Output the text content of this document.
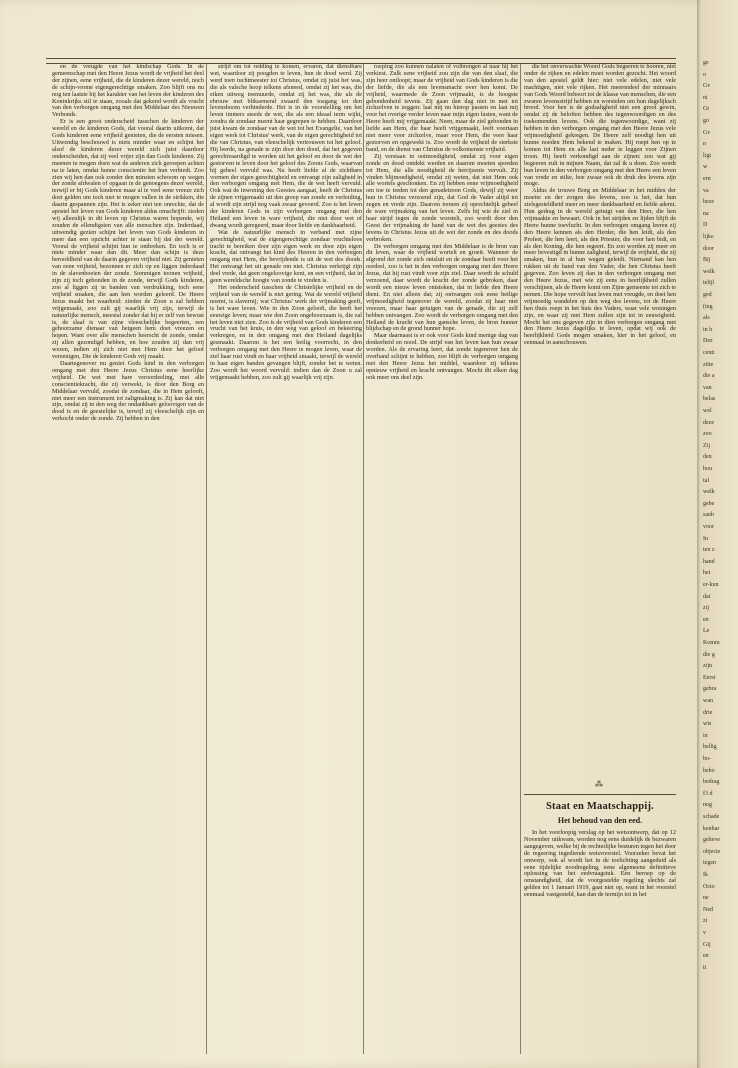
en de vreugde van het kindschap Gods. In de gemeenschap met den Heere Jezus wordt de vrijheid het deel der zijnen, eene vrijheid, die de kinderen dezer wereld, noch de schijn-vrome eigengerechtige smaken. Zoo blijft ons nu nog ten laatste bij het karakter van het leven der kinderen des Koninkrijks stil te staan, zooals dat gekend wordt als vrucht van den verborgen omgang met den Middelaar des Nieuwen Verbonds.

Er is een groot onderscheid tusschen de kinderen der wereld en de kinderen Gods, dat vooral daarin uitkomt, dat Gods kinderen eene vrijheid genieten, die de eersten missen. Uitwendig beschouwd is niets minder waar en schijnt het alsof de kinderen dezer wereld zich juist daardoor onderscheiden, dat zij veel vrijer zijn dan Gods kinderen. Zij meenen te mogen doen wat de anderen zich geroepen achten na te laten, omdat hunne conscientie het hun verbiedt. Zoo zien wij hen dan ook zonder den minsten schroom op wegen der zonde afdwalen of opgaan in de genoegens dezer wereld, terwijl er bij Gods kinderen maar al te veel eene vreeze zich doet gelden om toch niet te mogen vallen in de strikken, die daarin gespannen zijn. Het is zeker niet ten onrechte, dat de apostel het leven van Gods kinderen aldus omschrijft: zieden wij alleenlijk in dit leven op Christus waren hopende, wij zouden de ellendigsten van alle menschen zijn. Inderdaad, uitwendig gezien schijnt het leven van Gods kinderen in meer dan een opzicht achter te staan bij dat der wereld. Vooral de vrijheid schijnt hun te ontbreken. En toch is er niets minder waar dan dit. Meer dan schijn is deze beroofdheid van de daarin gegeven vrijheid niet. Zij genieten van eene vrijheid, bezonnen er zich op en liggen inderdaad in de slavenboeien der zonde. Sommigen toonen vrijheid, zijn zij toch gebonden in de zonde, terwijl Gods kinderen, zoo al liggen zij in banden van verdrukking, toch eene vrijheid smaken, die aan hen worden geleerd. De Heere Jezus maakt het waarheid: zinden de Zoon u zal hebben vrijgemaakt, zoo zult gij waarlijk vrij zijn, terwijl de natuurlijke mensch, meestal zonder dat hij er zelf van bewust is, de slaaf is van zijne vleeschelijke begeerten, een gehoorzame dienaar van hetgeen hem doet vreezen en hopen. Want over alle menschen heerscht de zonde, omdat zij allen gezondigd hebben, en hoe zouden zij dan vrij wezen, indien zij zich niet met Hem door het geloof vereenigen, Die de kinderen Gods vrij maakt.

Daartegenover nu geniet Gods kind in den verborgen omgang met den Heere Jezus Christus eene heerlijke vrijheid. De wet met hare veroordeeling, met alle conscientiekracht, die zij verwekt, is door den Borg en Middelaar vervuld, zoodat de zondaar, die in Hem gelooft, niet meer een instrument tot zaligmaking is. Zij kan dat niet zijn, omdat zij in den weg der ondankbare geloovigen van de dood is en de geestelijke is, terwijl zij vleeschelijk zijn en verkocht onder de zonde. Zij hebben in den

strijd om tot redding te komen, ervaren, dat dienstbare wet, waardoor zij poogden te leven, hun de dood werd. Zij werd toen tuchtmeester tot Christus, omdat zij juist het was, die als valsche hoop telkens afsneed, omdat zij het was, die eiken uitweg toemuurde, omdat zij het was, die als de ebrouw met bliksemend zwaard den toegang tot den levensboom verhinderde. Het is in de voorstelling om het leven immers steeds de wet, die als een ideaal term wijkt, zoodra de zondaar meent haar gegrepen te hebben. Daardoor juist kwam de zondaar van de wet tot het Evangelie, van het eigen werk tot Christus' werk, van de eigen gerechtigheid tot die van Christus, van vleeschelijk vertrouwen tot het geloof. Hij leerde, na genade te zijn door den dood, dat het gegeven gerechtvaardigd te worden uit het geloof en door de wet der gestorven te leven door het geloof des Zoons Gods, waarvan hij geheel vervuld was. Nu heeft liefde al de zichtbare vormen der eigen gerechtigheid en ontvangt zijn zaligheid in den verborgen omgang met Hem, die de wet heeft vervuld. Ook wat de inwoning des Geestes aangaat, heeft de Christus de zijnen vrijgemaakt uit den greep van zonde en verleiding, al wordt zijn strijd nog vaak zwaar gevoerd. Zoo is het leven der kinderen Gods in zijn verborgen omgang met den Heiland een leven in ware vrijheid, die niet door wet of dwang wordt geregeerd, maar door liefde en dankbaarheid.

Wat de natuurlijke mensch in verband met zijne gerechtigheid, wat de eigengerechtige zondaar vruchteloos tracht te bereiken door zijn eigen werk en door zijn eigen kracht, dat ontvangt het kind des Heeren in den verborgen omgang met Hem, die bevrijdende is uit de wet des doods. Het ontvangt het uit genade om niet. Christus verkrijgt zijn deel vrede, dat geen ongeloovige kent, en een vrijheid, dat in geen wereldsche hoogte van zonde te vinden is.

Het onderscheid tusschen de Christelijke vrijheid en de vrijheid van de wereld is niet gering. Wat de wereld vrijheid noemt, is slavernij; wat Christus' werk der vrijmaking geeft, is het ware leven. Wie in den Zoon gelooft, die heeft het eeuwige leven; maar wie den Zoon ongehoorzaam is, die zal het leven niet zien. Zoo is de vrijheid van Gods kinderen een vrucht van het kruis, in den weg van geloof en bekeering verkregen, en in den omgang met den Heiland dagelijks gesmaakt. Daarom is het een heilig voorrecht, in den verborgen omgang met den Heere te mogen leven, waar de ziel haar rust vindt en haar vrijheid smaakt, terwijl de wereld in haar eigen banden gevangen blijft, zonder het te weten. Zoo wordt het woord vervuld: indien dan de Zoon u zal vrijgemaakt hebben, zoo zult gij waarlijk vrij zijn.

roeping zoo kunnen nalaten of volbrengen al naar hij het verkiest. Zulk eene vrijheid zou zijn die van den slaaf, die zijn heer ontloopt; maar de vrijheid van Gods kinderen is die der liefde, die als een levensmacht over hen komt. De vrijheid, waarmede de Zoon vrijmaakt, is de hoogste gebondenheid tevens. Zij gaan dan dag niet in met tot zichzelven te zeggen: laat mij nu hierop passen en laat mij voor het overige verder leven naar mijn eigen lusten, want de Heere heeft mij vrijgemaakt. Neen, maar de ziel gebonden in liefde aan Hem, die haar heeft vrijgemaakt, leeft voortaan niet meer voor zichzelve, maar voor Hem, die voor haar gestorven en opgewekt is. Zoo wordt de vrijheid de sterkste band, en de dienst van Christus de volkomenste vrijheid.

Zij verstaan in ootmoedigheid, omdat zij voor eigen zonde en dood ontdekt werden en daarom moeten spoeden tot Hem, die alle noodigheid de herrijzenis vervult. Zij vinden blijmoedigheid, omdat zij weten, dat niet Hem ook alle wortels geschonken. En zij hebben eene vrijmoedigheid om toe te treden tot den genadetroon Gods, dewijl zij weer hun in Christus verzoend zijn, dat God de Vader altijd tot zegen en vrede zijn. Daarom toonen zij oprechtelijk geheel de ware vrijmaking van het leven. Zelfs bij wie de ziel in haar strijd tegen de zonde worstelt, zoo wordt door den Geest der vrijmaking de band van de wet des geestes des levens in Christus Jezus uit de wet der zonde en des doods verbroken.

De verborgen omgang met den Middelaar is de bron van dit leven, waar de vrijheid wortelt en groeit. Wanneer de afgrond der zonde zich ontsluit en de zondaar beeft voor het oordeel, zoo is het in den verborgen omgang met den Heere Jezus, dat hij rust vindt voor zijn ziel. Daar wordt de schuld verzoend, daar wordt de kracht der zonde gebroken, daar wordt een nieuw leven ontstoken, dat in liefde den Heere dient. En niet alleen dat; zij ontvangen ook eene heilige vrijmoedigheid tegenover de wereld, zoodat zij haar niet vreezen, maar haar getuigen van de genade, die zij zelf hebben ontvangen. Zoo wordt de verborgen omgang met den Heiland de kracht van hun gansche leven, de bron hunner blijdschap en de grond hunner hope.

Maar daarnaast is er ook voor Gods kind menige dag van donkerheid en nood. De strijd van het leven kan hun zwaar worden. Als de ervaring leert, dat zonde tegenover hen de overhand schijnt te hebben, zoo blijft de verborgen omgang met den Heere Jezus het middel, waardoor zij telkens opnieuw vrijheid en kracht ontvangen. Mocht dit elken dag ook meer ons deel zijn.

die het onverwachte Woord Gods begeeren te hooren, niet onder de rijken en edelen moet worden gezocht. Het woord van den apostel geldt hier: niet vele edelen, niet vele machtigen, niet vele rijken. Het meerendeel der minnaars van Gods Woord behoort tot de klasse van menschen, die een zwaren levensstrijd hebben en worstelen om hun dagelijksch brood. Voor hen is de godsaligheid niet een groot gewin, omdat zij de beloften hebben des tegenwoordigen en des toekomenden levens. Ook die tegenwoordige, want zij hebben in den verborgen omgang met den Heere Jezus vele vrijmoedigheid gekregen. De Heere zelf noodigt hen uit hunne noeden Hem bekend te maken. Hij roept hen op te komen tot Hem en alle last neder te leggen voor Zijnen troon. Hij heeft verkondigd aan de zijnen: zoo wat gij begeeren zult in mijnen Naam, dat zal ik u doen. Zoo wordt hun leven in den verborgen omgang met den Heere een leven van vrede en stilte, hoe zwaar ook de druk des levens zijn moge.

Aldus de trouwe Borg en Middelaar in het midden der moeite en der zorgen des levens, zoo is het, dat hun zielsgesteldheid meer en meer dankbaarheid en liefde ademt. Hun gedrag in de wereld getuigt van den Heer, die hen vrijmaakte en bewaart. Ook in het strijden en lijden blijft de Heere hunne toevlucht. In den verborgen omgang leeren zij den Heere kennen als den Herder, die hen leidt, als den Profeet, die hen leert, als den Priester, die voor hen bidt, en als den Koning, die hen regeert. En zoo worden zij meer en meer bevestigd in hunne zaligheid, terwijl de vrijheid, die zij smaken, hun in al hun wegen geleidt. Niemand kan hen rukken uit de hand van den Vader, die hen Christus heeft gegeven. Zoo leven zij dan in den verborgen omgang met den Heere Jezus, met wie zij eens in heerlijkheid zullen verschijnen, als de Heere komt om Zijne gemeente tot zich te nemen. Die hope vervult hun leven met vreugde, en doet hen vrijmoedig wandelen op den weg des levens, tot de Heere hen thuis roept in het huis des Vaders, waar vele woningen zijn, en waar zij met Hem zullen zijn tot in eeuwigheid. Mocht het ons gegeven zijn in dien verborgen omgang met den Heere Jezus dagelijks te leven, opdat wij ook de heerlijkheid Gods mogen smaken, hier in het geloof, en eenmaal in aanschouwen.

⁂
Staat en Maatschappij.
Het behoud van den eed.
In het voorloopig verslag op het wetsontwerp, dat op 12 November uitkwam, worden nog eens duidelijk de bezwaren aangegeven, welke bij de rechterlijke besturen tegen het door de regeering ingediende wetsvoorstel. Voorzeker bevat het ontwerp, ook al wordt het in de toelichting aangeduid als eene tijdelijke noodregeling, eene algemeene definitieve oplossing van het eedvraagstuk. Een beroep op de omstandigheid, dat de voorgestelde regeling slechts zal gelden tot 1 Januari 1919, gaat niet op, want in het voorstel eenmaal vastgesteld, kan dan de termijn tot in het
ge
o
Gv
ni
Gt
go
Gv
n
ligt
w
ern
va
beze
na
D
lijke
door
Bij
welk
telijl
ged
(ing
als
in h
Dez
centi
zitte
die a
van
belas
wel
deze
zoo
Zij
den
hou
tal
welk
gebe
sanh
voor
In
ten z
hand
het
er-kun
dat
zij
en
Le
Komm
die g
zijn
Eerst
gebra
wan
drie
wis
in
bellig
bo-
beho
bedrag
f3 d
nog
schade
kenbar
geheve
objecte
tegen
Ik
Octo
ne
Ned
zi
v
Gij
en
ti
